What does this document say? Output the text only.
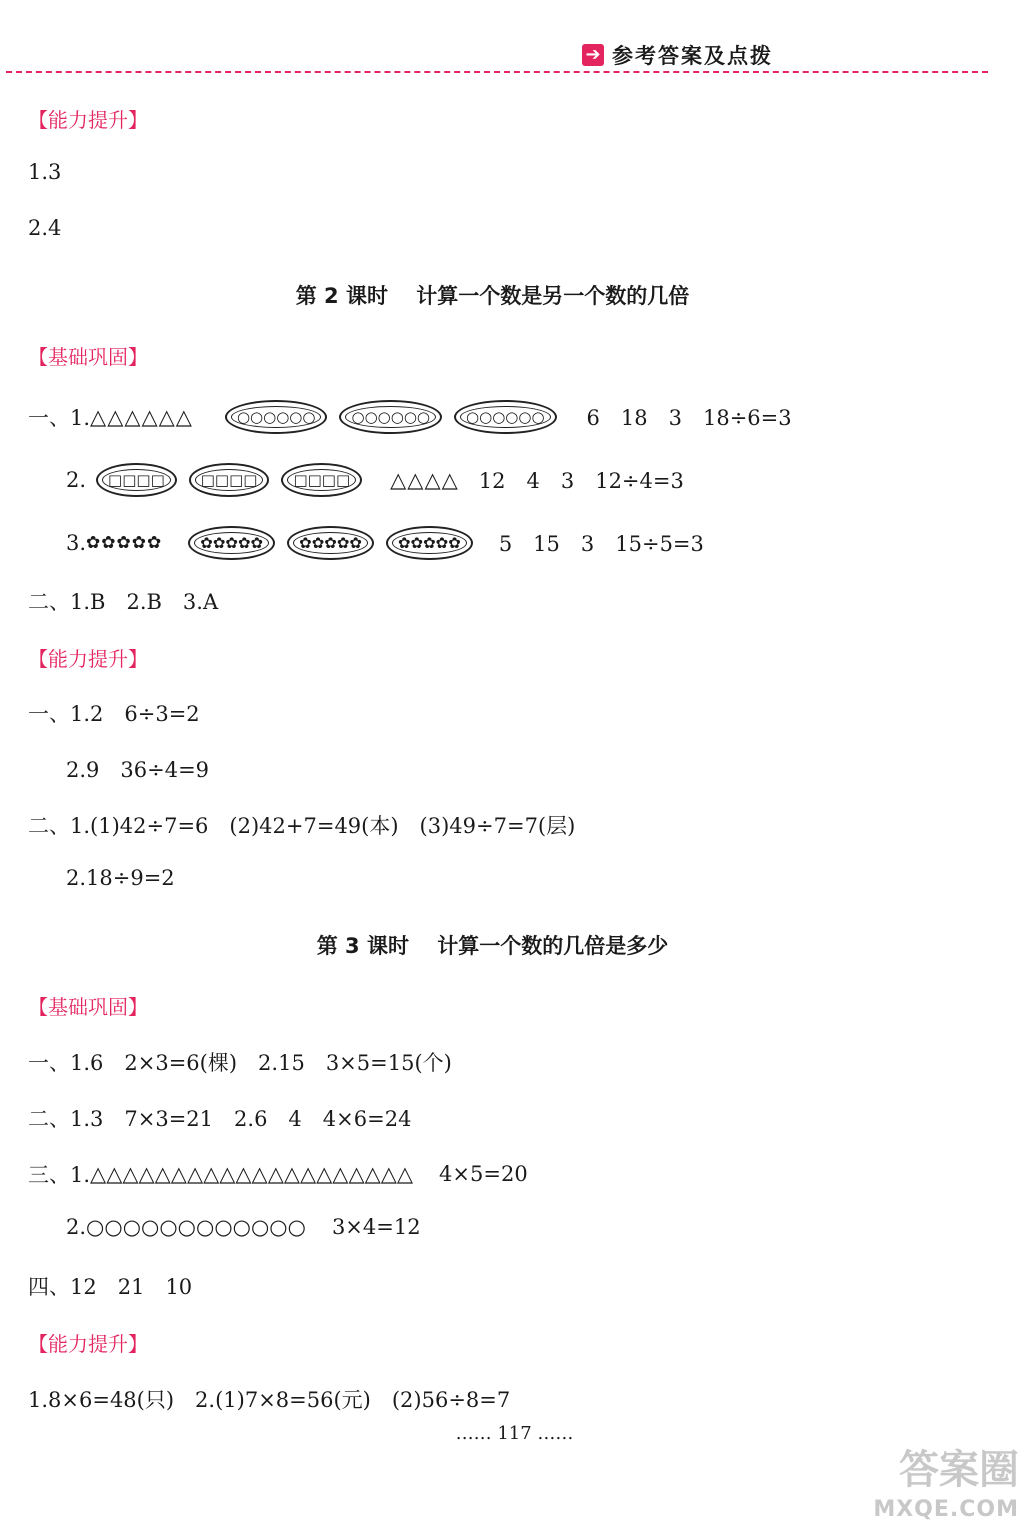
➔ 参考答案及点拨
【能力提升】
1.3
2.4
第 2 课时　 计算一个数是另一个数的几倍
【基础巩固】
一、1. △△△△△△	○○○○○○ ○○○○○○ ○○○○○○ 6　18　3　18÷6=3
2. □□□□ □□□□ □□□□ △△△△ 12　4　3　12÷4=3
3. ✿✿✿✿✿	✿✿✿✿✿ ✿✿✿✿✿ ✿✿✿✿✿ 5　15　3　15÷5=3
二、1.B　2.B　3.A
【能力提升】
一、1.2　6÷3=2
2.9　36÷4=9
二、1.(1)42÷7=6　(2)42+7=49(本)　(3)49÷7=7(层)
2.18÷9=2
第 3 课时　 计算一个数的几倍是多少
【基础巩固】
一、1.6　2×3=6(棵)　2.15　3×5=15(个)
二、1.3　7×3=21　2.6　4　4×6=24
三、1. △△△△△△△△△△△△△△△△△△△△ 4×5=20
2. ○○○○○○○○○○○○ 3×4=12
四、12　21　10
【能力提升】
1.8×6=48(只)　2.(1)7×8=56(元)　(2)56÷8=7
…… 117 ……
答案圈
MXQE.COM
